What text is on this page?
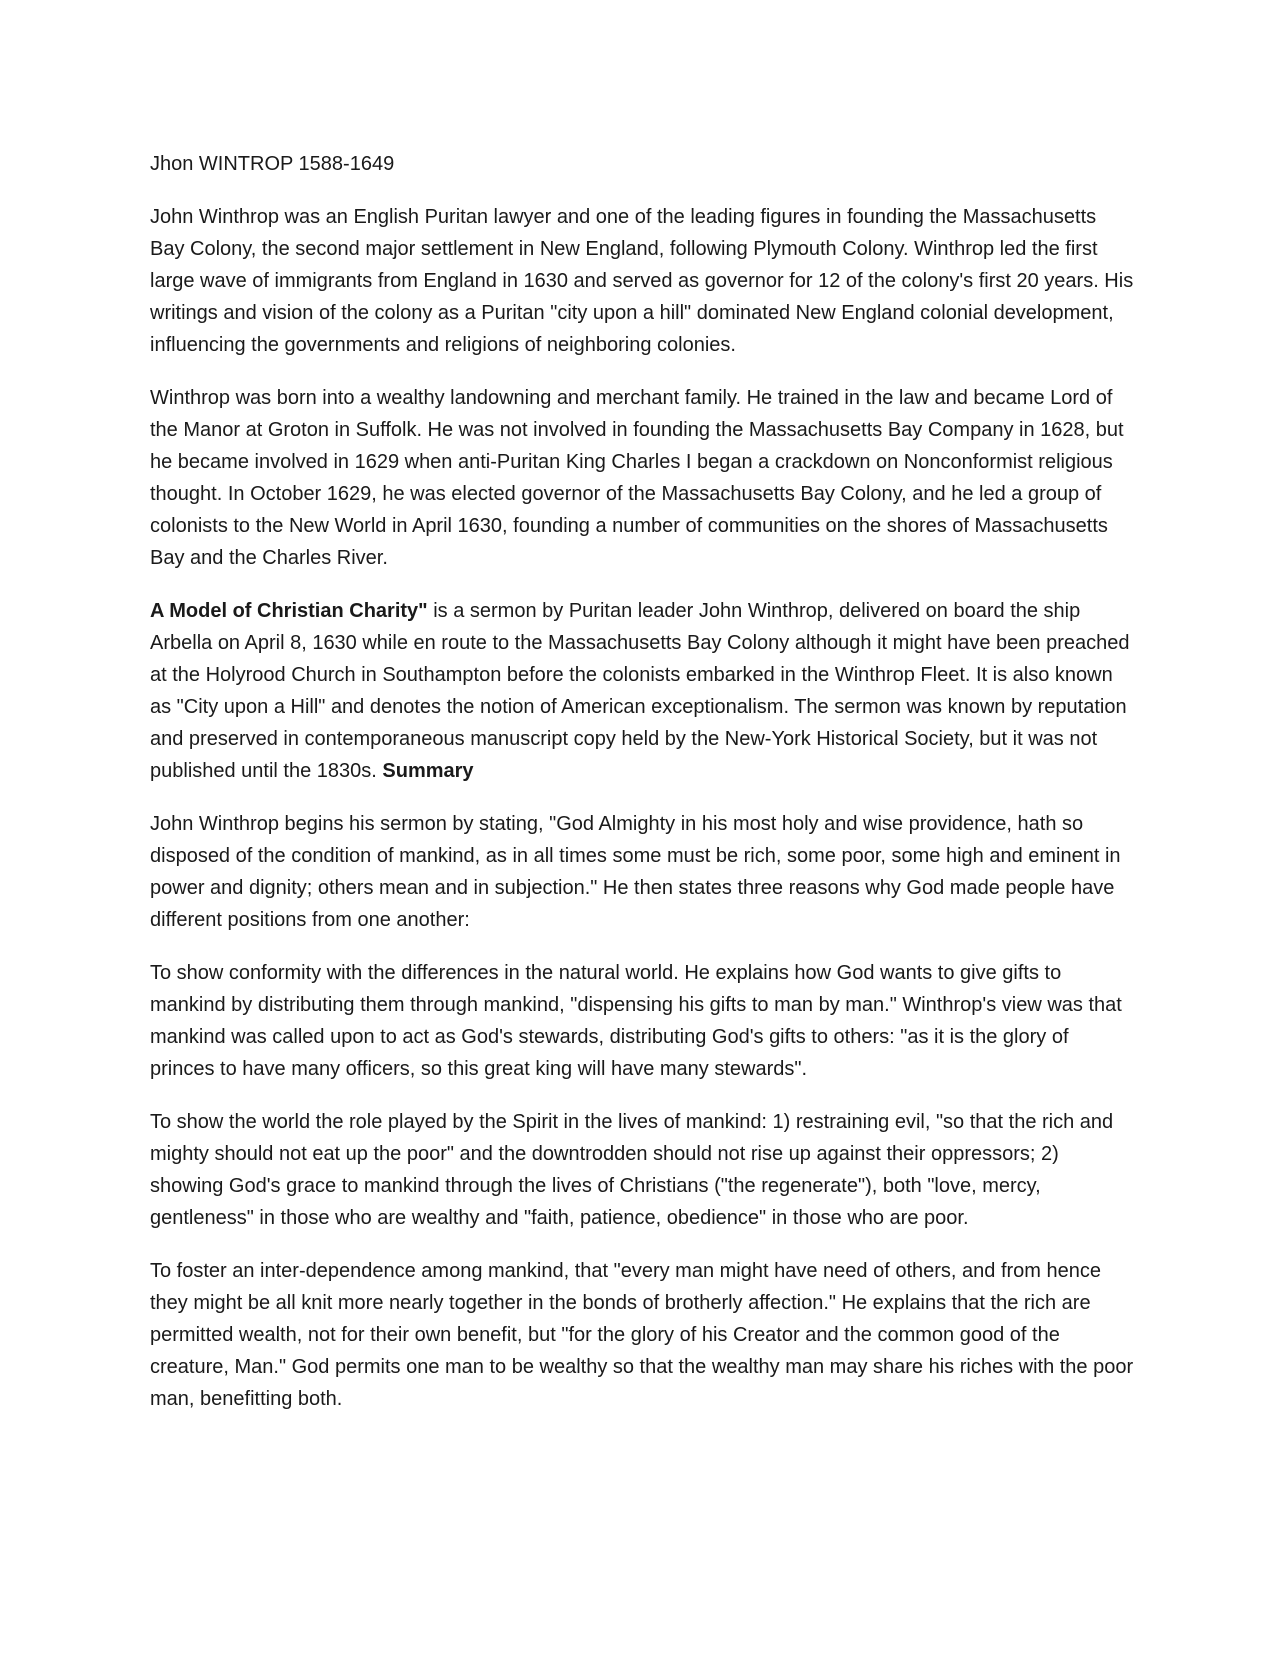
Jhon WINTROP 1588-1649

John Winthrop was an English Puritan lawyer and one of the leading figures in founding the Massachusetts Bay Colony, the second major settlement in New England, following Plymouth Colony. Winthrop led the first large wave of immigrants from England in 1630 and served as governor for 12 of the colony's first 20 years. His writings and vision of the colony as a Puritan "city upon a hill" dominated New England colonial development, influencing the governments and religions of neighboring colonies.

Winthrop was born into a wealthy landowning and merchant family. He trained in the law and became Lord of the Manor at Groton in Suffolk. He was not involved in founding the Massachusetts Bay Company in 1628, but he became involved in 1629 when anti-Puritan King Charles I began a crackdown on Nonconformist religious thought. In October 1629, he was elected governor of the Massachusetts Bay Colony, and he led a group of colonists to the New World in April 1630, founding a number of communities on the shores of Massachusetts Bay and the Charles River.

A Model of Christian Charity" is a sermon by Puritan leader John Winthrop, delivered on board the ship Arbella on April 8, 1630 while en route to the Massachusetts Bay Colony although it might have been preached at the Holyrood Church in Southampton before the colonists embarked in the Winthrop Fleet. It is also known as "City upon a Hill" and denotes the notion of American exceptionalism. The sermon was known by reputation and preserved in contemporaneous manuscript copy held by the New-York Historical Society, but it was not published until the 1830s. Summary

John Winthrop begins his sermon by stating, "God Almighty in his most holy and wise providence, hath so disposed of the condition of mankind, as in all times some must be rich, some poor, some high and eminent in power and dignity; others mean and in subjection." He then states three reasons why God made people have different positions from one another:

To show conformity with the differences in the natural world. He explains how God wants to give gifts to mankind by distributing them through mankind, "dispensing his gifts to man by man." Winthrop's view was that mankind was called upon to act as God's stewards, distributing God's gifts to others: "as it is the glory of princes to have many officers, so this great king will have many stewards".

To show the world the role played by the Spirit in the lives of mankind: 1) restraining evil, "so that the rich and mighty should not eat up the poor" and the downtrodden should not rise up against their oppressors; 2) showing God's grace to mankind through the lives of Christians ("the regenerate"), both "love, mercy, gentleness" in those who are wealthy and "faith, patience, obedience" in those who are poor.

To foster an inter-dependence among mankind, that "every man might have need of others, and from hence they might be all knit more nearly together in the bonds of brotherly affection." He explains that the rich are permitted wealth, not for their own benefit, but "for the glory of his Creator and the common good of the creature, Man." God permits one man to be wealthy so that the wealthy man may share his riches with the poor man, benefitting both.
